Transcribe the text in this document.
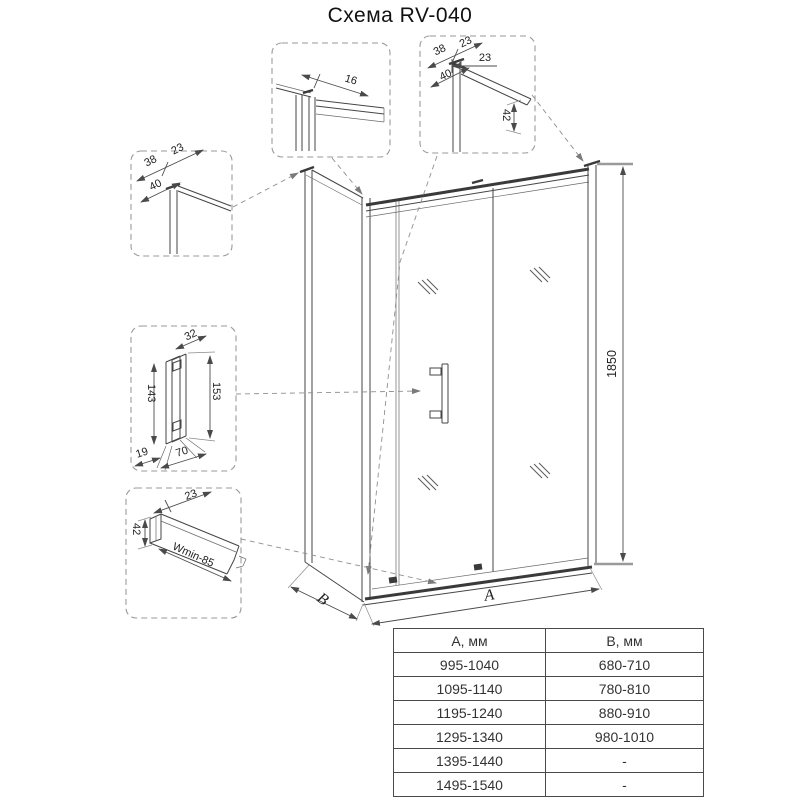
Схема RV-040
1850
A
B
38
23
40
16
38 23
40
23
42
32
153
143
19 70
23
42
Wmin-85
А, мм	В, мм
995-1040	680-710
1095-1140	780-810
1195-1240	880-910
1295-1340	980-1010
1395-1440	-
1495-1540	-
